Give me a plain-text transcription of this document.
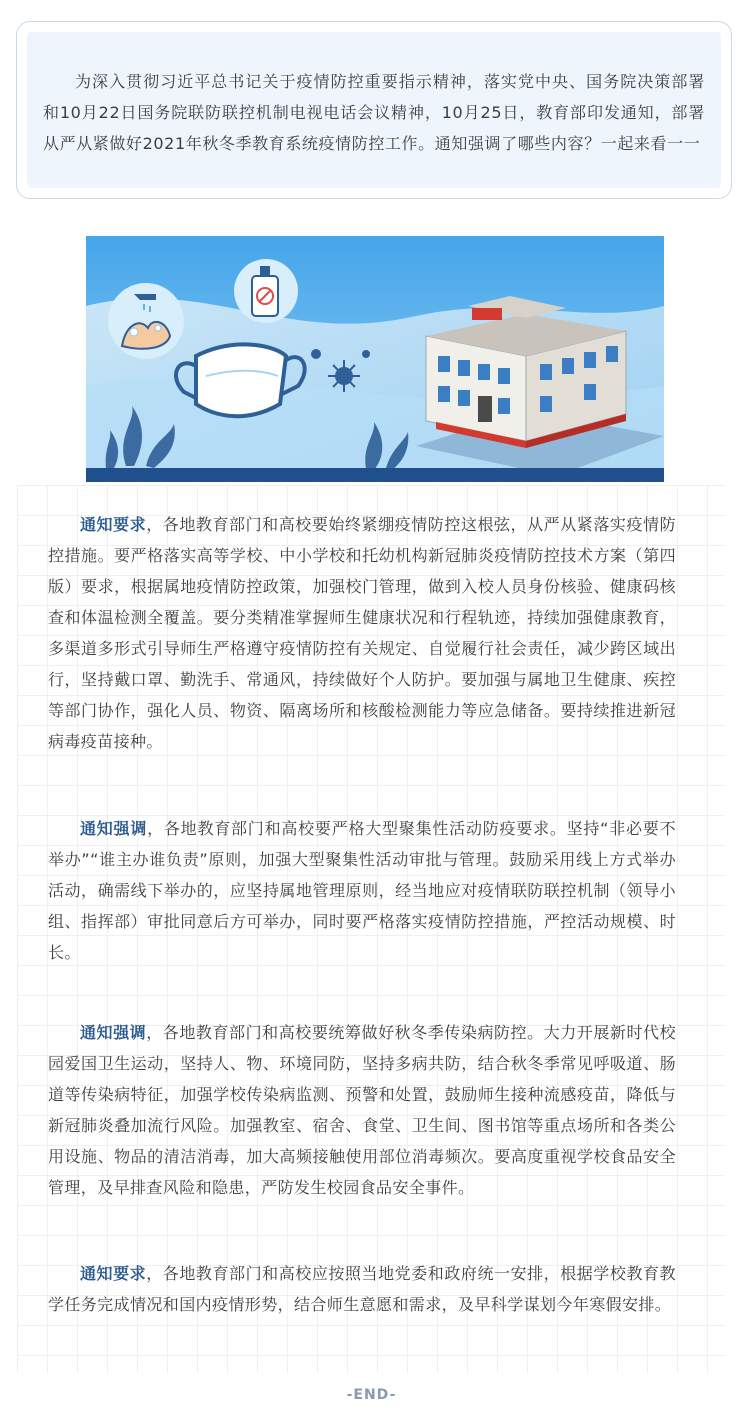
为深入贯彻习近平总书记关于疫情防控重要指示精神，落实党中央、国务院决策部署和10月22日国务院联防联控机制电视电话会议精神，10月25日，教育部印发通知，部署从严从紧做好2021年秋冬季教育系统疫情防控工作。通知强调了哪些内容？一起来看一一

通知要求，各地教育部门和高校要始终紧绷疫情防控这根弦，从严从紧落实疫情防控措施。要严格落实高等学校、中小学校和托幼机构新冠肺炎疫情防控技术方案（第四版）要求，根据属地疫情防控政策，加强校门管理，做到入校人员身份核验、健康码核查和体温检测全覆盖。要分类精准掌握师生健康状况和行程轨迹，持续加强健康教育，多渠道多形式引导师生严格遵守疫情防控有关规定、自觉履行社会责任，减少跨区域出行，坚持戴口罩、勤洗手、常通风，持续做好个人防护。要加强与属地卫生健康、疾控等部门协作，强化人员、物资、隔离场所和核酸检测能力等应急储备。要持续推进新冠病毒疫苗接种。

通知强调，各地教育部门和高校要严格大型聚集性活动防疫要求。坚持“非必要不举办”“谁主办谁负责”原则，加强大型聚集性活动审批与管理。鼓励采用线上方式举办活动，确需线下举办的，应坚持属地管理原则，经当地应对疫情联防联控机制（领导小组、指挥部）审批同意后方可举办，同时要严格落实疫情防控措施，严控活动规模、时长。

通知强调，各地教育部门和高校要统筹做好秋冬季传染病防控。大力开展新时代校园爱国卫生运动，坚持人、物、环境同防，坚持多病共防，结合秋冬季常见呼吸道、肠道等传染病特征，加强学校传染病监测、预警和处置，鼓励师生接种流感疫苗，降低与新冠肺炎叠加流行风险。加强教室、宿舍、食堂、卫生间、图书馆等重点场所和各类公用设施、物品的清洁消毒，加大高频接触使用部位消毒频次。要高度重视学校食品安全管理，及早排查风险和隐患，严防发生校园食品安全事件。

通知要求，各地教育部门和高校应按照当地党委和政府统一安排，根据学校教育教学任务完成情况和国内疫情形势，结合师生意愿和需求，及早科学谋划今年寒假安排。

-END-
